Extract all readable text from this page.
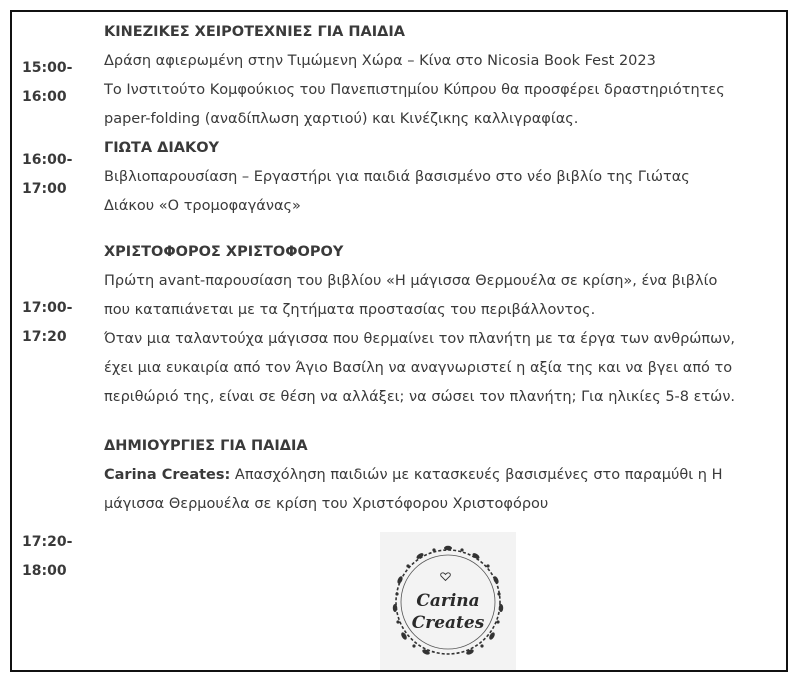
15:00-
16:00
ΚΙΝΕΖΙΚΕΣ ΧΕΙΡΟΤΕΧΝΙΕΣ ΓΙΑ ΠΑΙΔΙΑ
Δράση αφιερωμένη στην Τιμώμενη Χώρα – Κίνα στο Nicosia Book Fest 2023
Το Ινστιτούτο Κομφούκιος του Πανεπιστημίου Κύπρου θα προσφέρει δραστηριότητες
paper-folding (αναδίπλωση χαρτιού) και Κινέζικης καλλιγραφίας.
16:00-
17:00
ΓΙΩΤΑ ΔΙΑΚΟΥ
Βιβλιοπαρουσίαση – Εργαστήρι για παιδιά βασισμένο στο νέο βιβλίο της Γιώτας
Διάκου «Ο τρομοφαγάνας»
17:00-
17:20
ΧΡΙΣΤΟΦΟΡΟΣ ΧΡΙΣΤΟΦΟΡΟΥ
Πρώτη avant-παρουσίαση του βιβλίου «Η μάγισσα Θερμουέλα σε κρίση», ένα βιβλίο
που καταπιάνεται με τα ζητήματα προστασίας του περιβάλλοντος.
Όταν μια ταλαντούχα μάγισσα που θερμαίνει τον πλανήτη με τα έργα των ανθρώπων,
έχει μια ευκαιρία από τον Άγιο Βασίλη να αναγνωριστεί η αξία της και να βγει από το
περιθώριό της, είναι σε θέση να αλλάξει; να σώσει τον πλανήτη; Για ηλικίες 5-8 ετών.
17:20-
18:00
ΔΗΜΙΟΥΡΓΙΕΣ ΓΙΑ ΠΑΙΔΙΑ
Carina Creates: Απασχόληση παιδιών με κατασκευές βασισμένες στο παραμύθι η Η
μάγισσα Θερμουέλα σε κρίση του Χριστόφορου Χριστοφόρου
Carina
Creates
